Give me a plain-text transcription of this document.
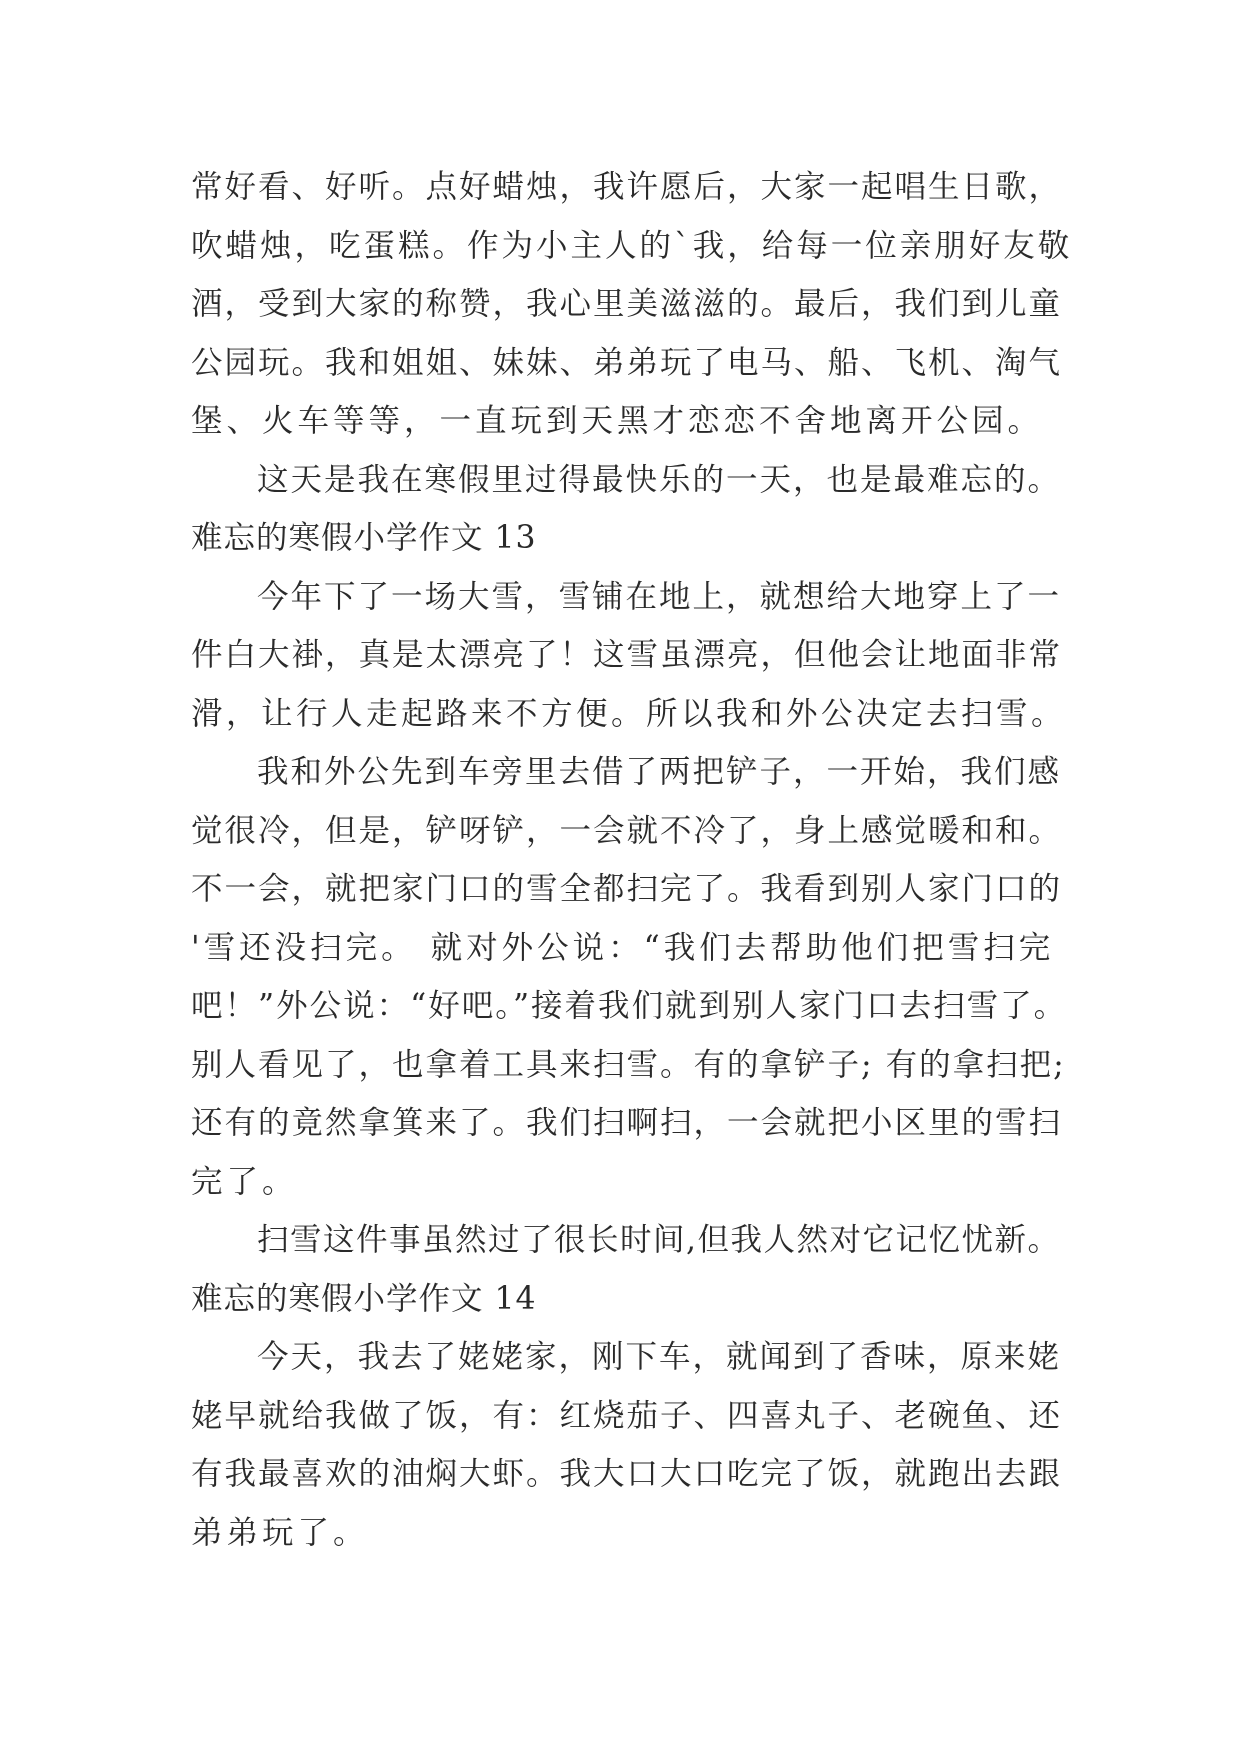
常好看、好听。点好蜡烛，我许愿后，大家一起唱生日歌，
吹蜡烛，吃蛋糕。作为小主人的`我，给每一位亲朋好友敬
酒，受到大家的称赞，我心里美滋滋的。最后，我们到儿童
公园玩。我和姐姐、妹妹、弟弟玩了电马、船、飞机、淘气
堡、火车等等，一直玩到天黑才恋恋不舍地离开公园。
这天是我在寒假里过得最快乐的一天，也是最难忘的。
难忘的寒假小学作文 13
今年下了一场大雪，雪铺在地上，就想给大地穿上了一
件白大褂，真是太漂亮了！这雪虽漂亮，但他会让地面非常
滑，让行人走起路来不方便。所以我和外公决定去扫雪。
我和外公先到车旁里去借了两把铲子，一开始，我们感
觉很冷，但是，铲呀铲，一会就不冷了，身上感觉暖和和。
不一会，就把家门口的雪全都扫完了。我看到别人家门口的
'雪还没扫完。 就对外公说：“我们去帮助他们把雪扫完
吧！”外公说：“好吧。”接着我们就到别人家门口去扫雪了。
别人看见了，也拿着工具来扫雪。有的拿铲子; 有的拿扫把;
还有的竟然拿箕来了。我们扫啊扫，一会就把小区里的雪扫
完了。
扫雪这件事虽然过了很长时间,但我人然对它记忆忧新。
难忘的寒假小学作文 14
今天，我去了姥姥家，刚下车，就闻到了香味，原来姥
姥早就给我做了饭，有：红烧茄子、四喜丸子、老碗鱼、还
有我最喜欢的油焖大虾。我大口大口吃完了饭，就跑出去跟
弟弟玩了。
